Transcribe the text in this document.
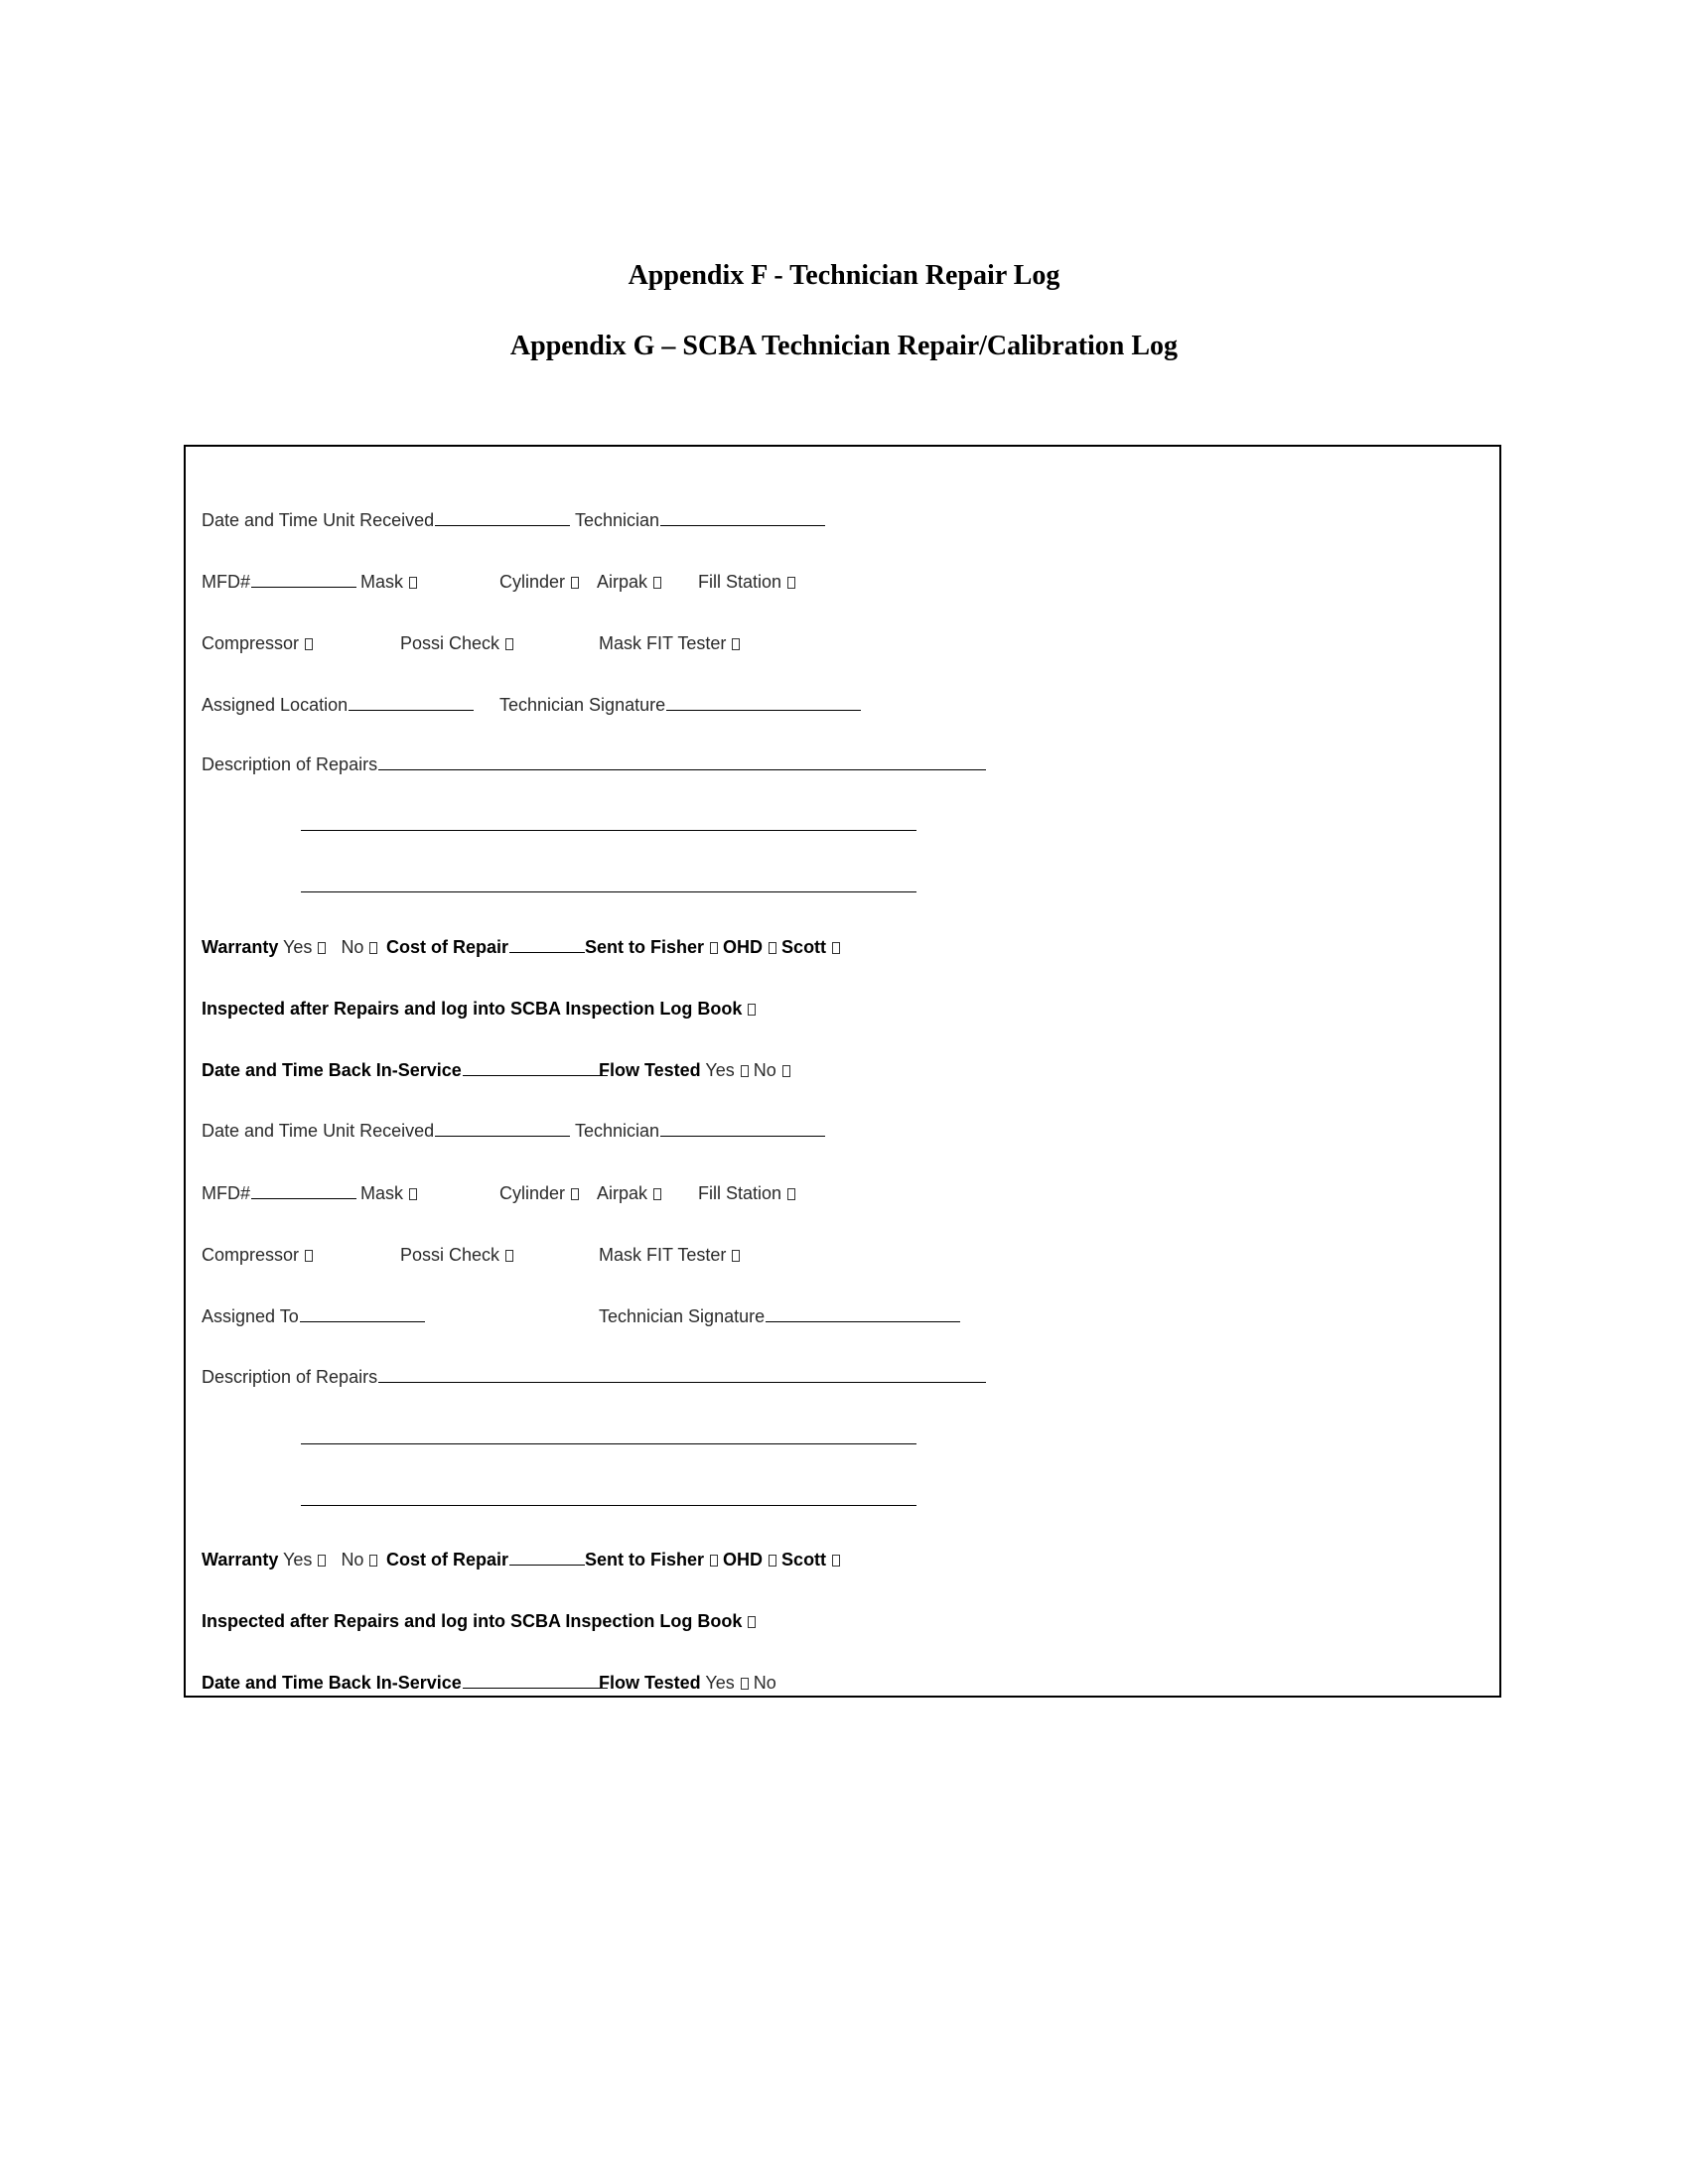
Appendix F - Technician Repair Log
Appendix G – SCBA Technician Repair/Calibration Log
Date and Time Unit Received	Technician
MFD#	Mask	Cylinder	Airpak	Fill Station
Compressor	Possi Check	Mask FIT Tester
Assigned Location	Technician Signature
Description of Repairs
Warranty Yes No	Cost of Repair	Sent to Fisher OHD Scott
Inspected after Repairs and log into SCBA Inspection Log Book
Date and Time Back In-Service	Flow Tested Yes No
Date and Time Unit Received	Technician
MFD#	Mask	Cylinder	Airpak	Fill Station
Compressor	Possi Check	Mask FIT Tester
Assigned To	Technician Signature
Description of Repairs
Warranty Yes No	Cost of Repair	Sent to Fisher OHD Scott
Inspected after Repairs and log into SCBA Inspection Log Book
Date and Time Back In-Service	Flow Tested Yes No
